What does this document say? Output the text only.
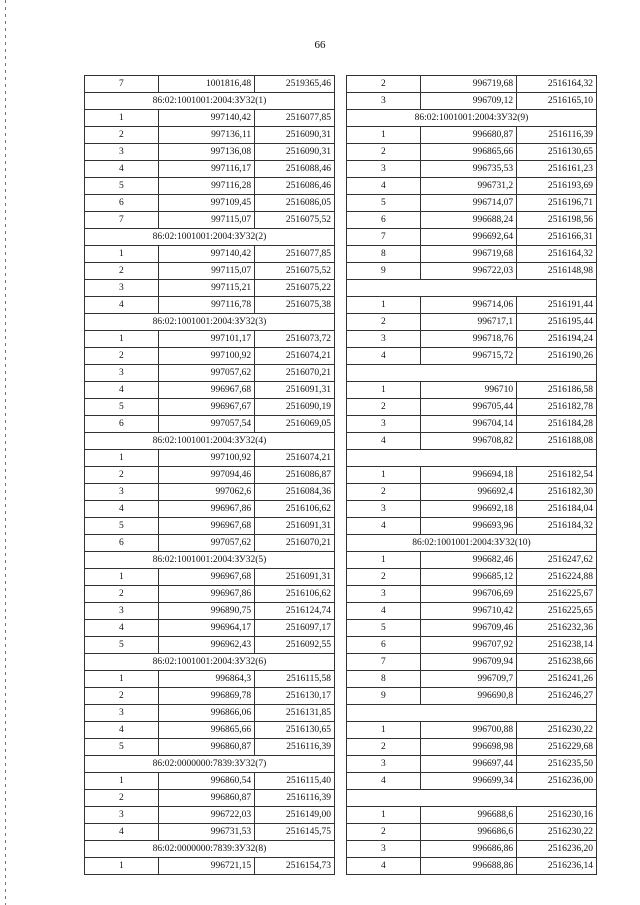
66
7	1001816,48	2519365,46
86:02:1001001:2004:ЗУ32(1)		
1	997140,42	2516077,85
2	997136,11	2516090,31
3	997136,08	2516090,31
4	997116,17	2516088,46
5	997116,28	2516086,46
6	997109,45	2516086,05
7	997115,07	2516075,52
86:02:1001001:2004:ЗУ32(2)		
1	997140,42	2516077,85
2	997115,07	2516075,52
3	997115,21	2516075,22
4	997116,78	2516075,38
86:02:1001001:2004:ЗУ32(3)		
1	997101,17	2516073,72
2	997100,92	2516074,21
3	997057,62	2516070,21
4	996967,68	2516091,31
5	996967,67	2516090,19
6	997057,54	2516069,05
86:02:1001001:2004:ЗУ32(4)		
1	997100,92	2516074,21
2	997094,46	2516086,87
3	997062,6	2516084,36
4	996967,86	2516106,62
5	996967,68	2516091,31
6	997057,62	2516070,21
86:02:1001001:2004:ЗУ32(5)		
1	996967,68	2516091,31
2	996967,86	2516106,62
3	996890,75	2516124,74
4	996964,17	2516097,17
5	996962,43	2516092,55
86:02:1001001:2004:ЗУ32(6)		
1	996864,3	2516115,58
2	996869,78	2516130,17
3	996866,06	2516131,85
4	996865,66	2516130,65
5	996860,87	2516116,39
86:02:0000000:7839:ЗУ32(7)		
1	996860,54	2516115,40
2	996860,87	2516116,39
3	996722,03	2516149,00
4	996731,53	2516145,75
86:02:0000000:7839:ЗУ32(8)		
1	996721,15	2516154,73
2	996719,68	2516164,32
3	996709,12	2516165,10
86:02:1001001:2004:ЗУ32(9)		
1	996680,87	2516116,39
2	996865,66	2516130,65
3	996735,53	2516161,23
4	996731,2	2516193,69
5	996714,07	2516196,71
6	996688,24	2516198,56
7	996692,64	2516166,31
8	996719,68	2516164,32
9	996722,03	2516148,98

1	996714,06	2516191,44
2	996717,1	2516195,44
3	996718,76	2516194,24
4	996715,72	2516190,26

1	996710	2516186,58
2	996705,44	2516182,78
3	996704,14	2516184,28
4	996708,82	2516188,08

1	996694,18	2516182,54
2	996692,4	2516182,30
3	996692,18	2516184,04
4	996693,96	2516184,32
86:02:1001001:2004:ЗУ32(10)		
1	996682,46	2516247,62
2	996685,12	2516224,88
3	996706,69	2516225,67
4	996710,42	2516225,65
5	996709,46	2516232,36
6	996707,92	2516238,14
7	996709,94	2516238,66
8	996709,7	2516241,26
9	996690,8	2516246,27

1	996700,88	2516230,22
2	996698,98	2516229,68
3	996697,44	2516235,50
4	996699,34	2516236,00

1	996688,6	2516230,16
2	996686,6	2516230,22
3	996686,86	2516236,20
4	996688,86	2516236,14
